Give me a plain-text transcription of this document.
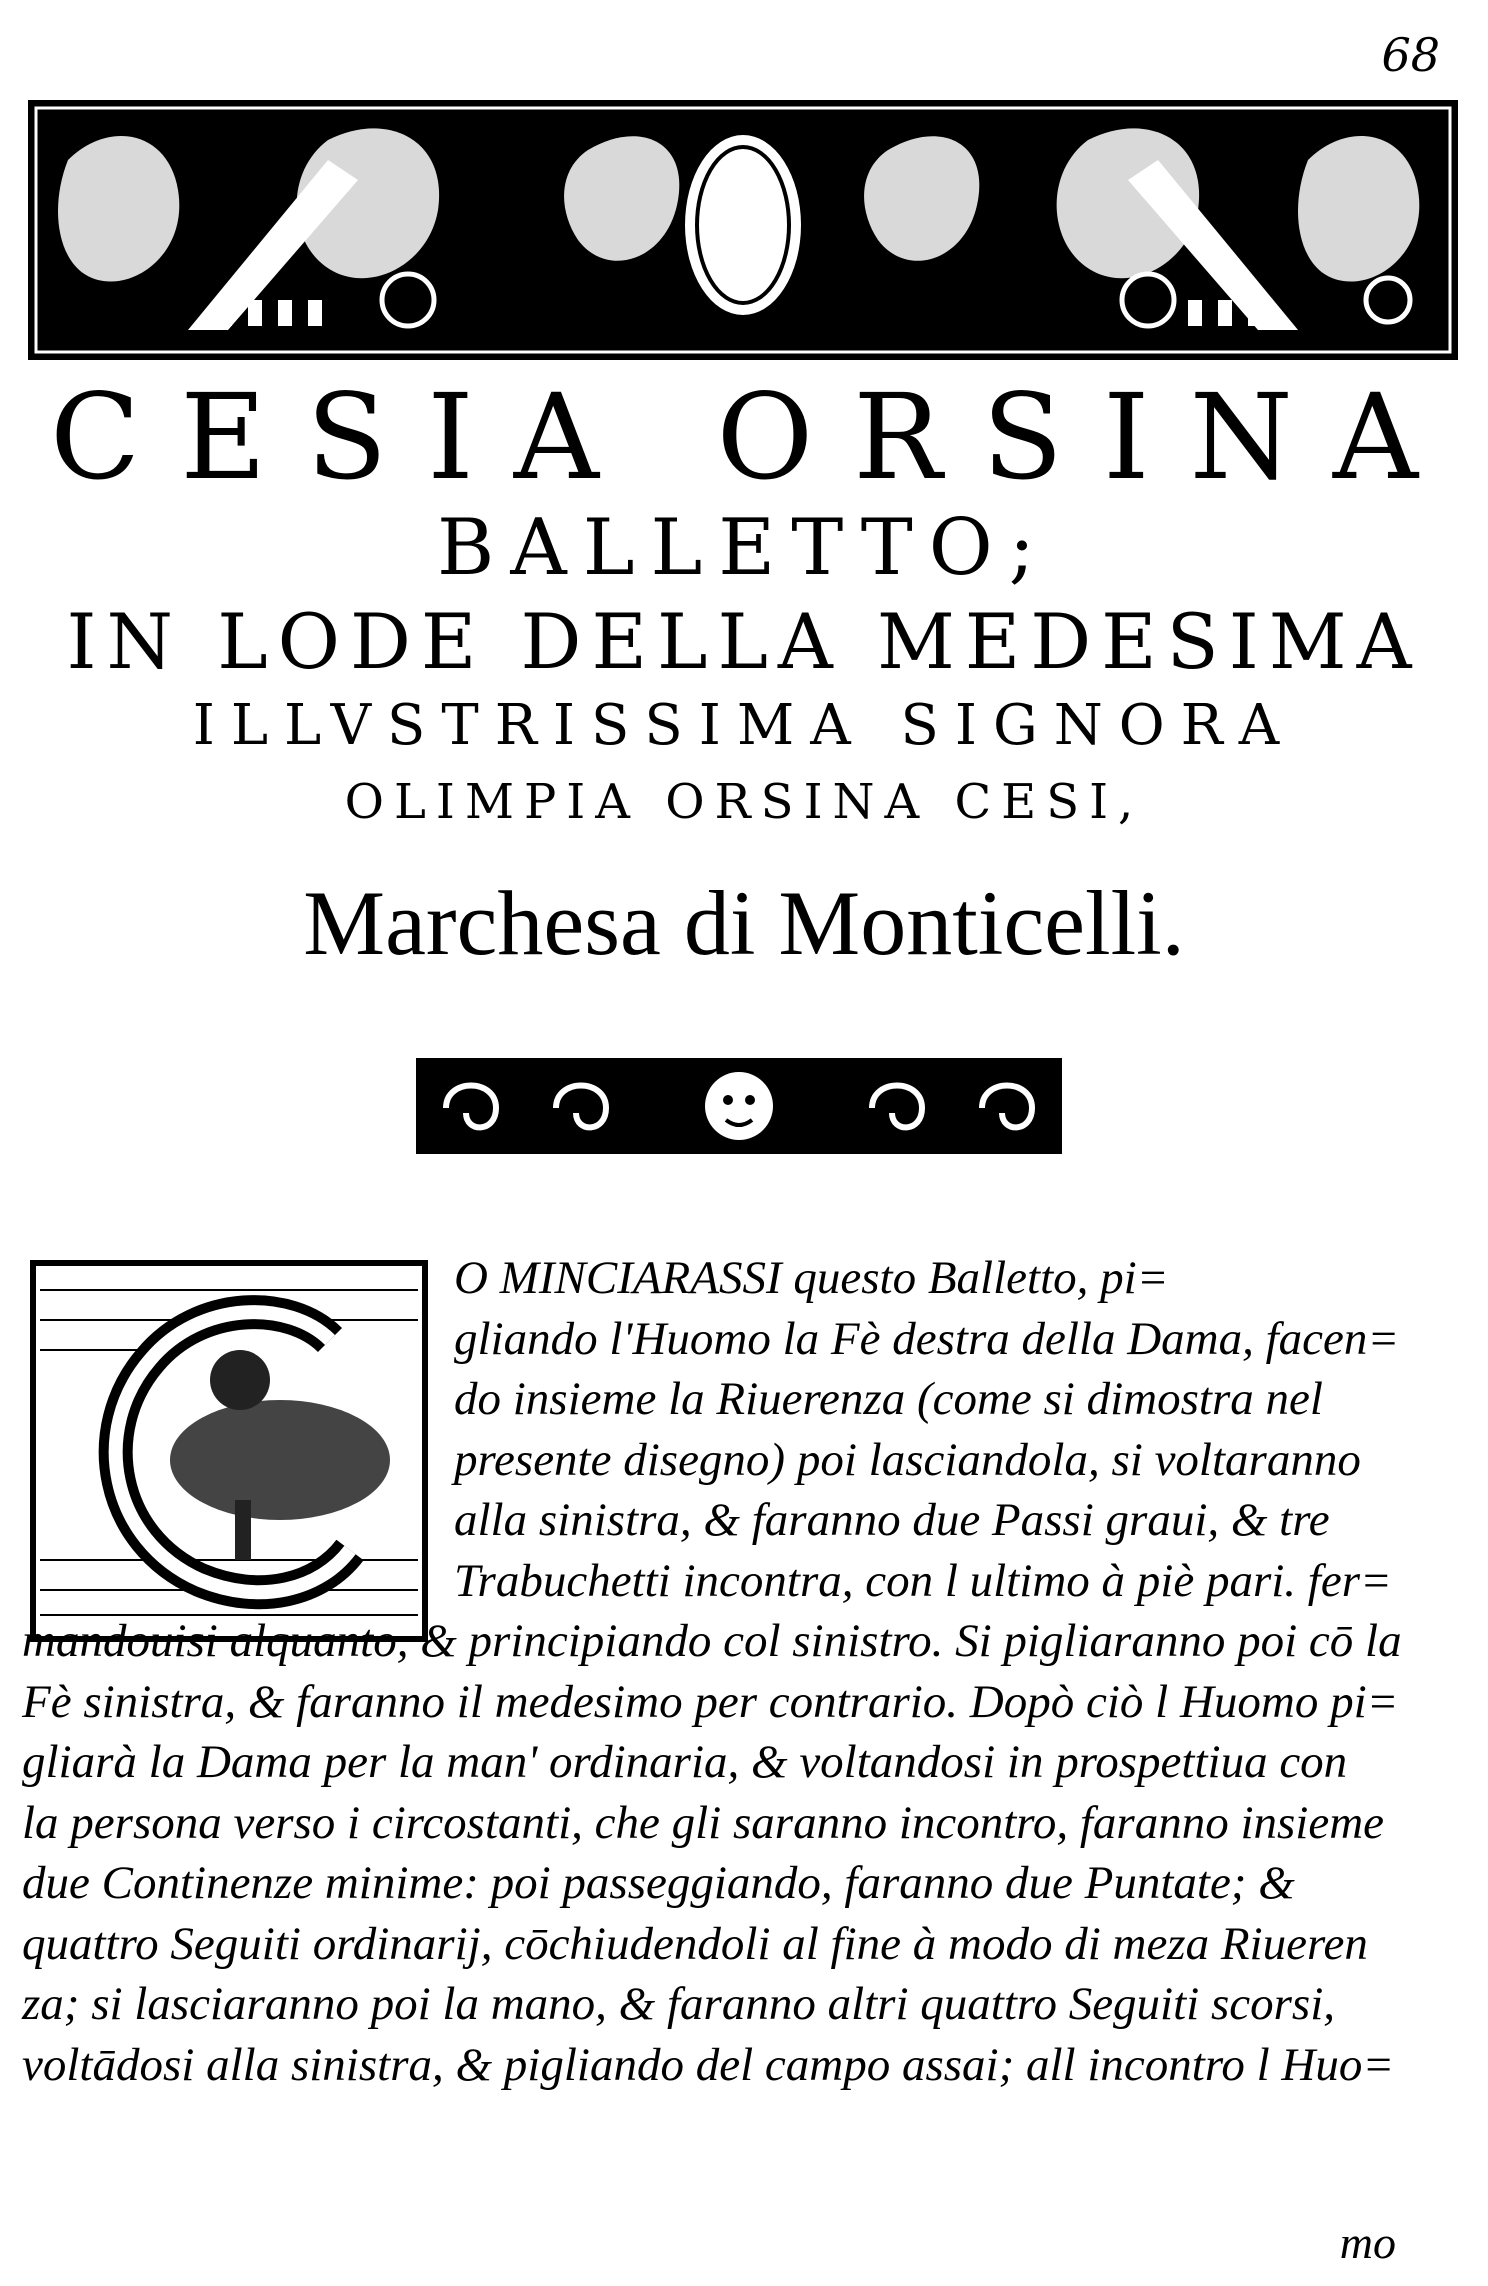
68
CESIA ORSINA
BALLETTO;
IN LODE DELLA MEDESIMA
ILLVSTRISSIMA SIGNORA
OLIMPIA ORSINA CESI,
Marchesa di Monticelli.
O MINCIARASSI questo Balletto, pi=
gliando l'Huomo la Fè destra della Dama, facen=
do insieme la Riuerenza (come si dimostra nel
presente disegno) poi lasciandola, si voltaranno
alla sinistra, & faranno due Passi graui, & tre
Trabuchetti incontra, con l ultimo à piè pari. fer=
mandouisi alquanto, & principiando col sinistro. Si pigliaranno poi cō la
Fè sinistra, & faranno il medesimo per contrario. Dopò ciò l Huomo pi=
gliarà la Dama per la man' ordinaria, & voltandosi in prospettiua con
la persona verso i circostanti, che gli saranno incontro, faranno insieme
due Continenze minime: poi passeggiando, faranno due Puntate; &
quattro Seguiti ordinarij, cōchiudendoli al fine à modo di meza Riueren
za; si lasciaranno poi la mano, & faranno altri quattro Seguiti scorsi,
voltādosi alla sinistra, & pigliando del campo assai; all incontro l Huo=
mo
